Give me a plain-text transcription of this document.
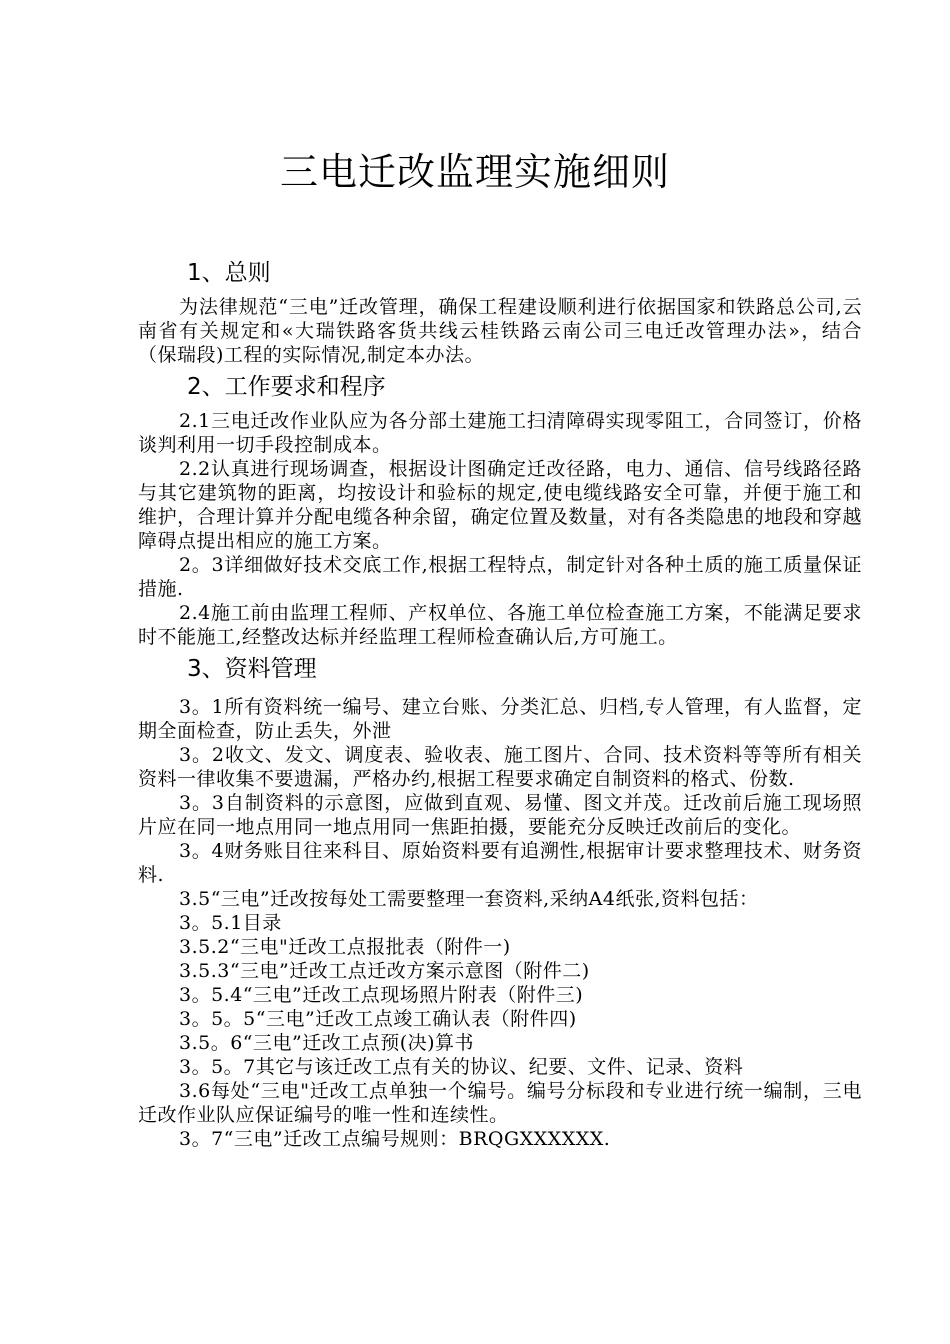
三电迁改监理实施细则
1、总则

为法律规范“三电”迁改管理，确保工程建设顺利进行依据国家和铁路总公司,云南省有关规定和«大瑞铁路客货共线云桂铁路云南公司三电迁改管理办法»，结合（保瑞段)工程的实际情况,制定本办法。

2、工作要求和程序

2.1三电迁改作业队应为各分部土建施工扫清障碍实现零阻工，合同签订，价格谈判利用一切手段控制成本。

2.2认真进行现场调查，根据设计图确定迁改径路，电力、通信、信号线路径路与其它建筑物的距离，均按设计和验标的规定,使电缆线路安全可靠，并便于施工和维护，合理计算并分配电缆各种余留，确定位置及数量，对有各类隐患的地段和穿越障碍点提出相应的施工方案。

2。3详细做好技术交底工作,根据工程特点，制定针对各种土质的施工质量保证措施.

2.4施工前由监理工程师、产权单位、各施工单位检查施工方案，不能满足要求时不能施工,经整改达标并经监理工程师检查确认后,方可施工。

3、资料管理

3。1所有资料统一编号、建立台账、分类汇总、归档,专人管理，有人监督，定期全面检查，防止丢失，外泄

3。2收文、发文、调度表、验收表、施工图片、合同、技术资料等等所有相关资料一律收集不要遗漏，严格办约,根据工程要求确定自制资料的格式、份数.

3。3自制资料的示意图，应做到直观、易懂、图文并茂。迁改前后施工现场照片应在同一地点用同一地点用同一焦距拍摄，要能充分反映迁改前后的变化。

3。4财务账目往来科目、原始资料要有追溯性,根据审计要求整理技术、财务资料.

3.5“三电”迁改按每处工需要整理一套资料,采纳A4纸张,资料包括：

3。5.1目录

3.5.2“三电"迁改工点报批表（附件一)

3.5.3“三电”迁改工点迁改方案示意图（附件二)

3。5.4“三电”迁改工点现场照片附表（附件三)

3。5。5“三电”迁改工点竣工确认表（附件四)

3.5。6“三电”迁改工点预(决)算书

3。5。7其它与该迁改工点有关的协议、纪要、文件、记录、资料

3.6每处“三电"迁改工点单独一个编号。编号分标段和专业进行统一编制，三电迁改作业队应保证编号的唯一性和连续性。

3。7“三电”迁改工点编号规则：BRQGXXXXXX.
